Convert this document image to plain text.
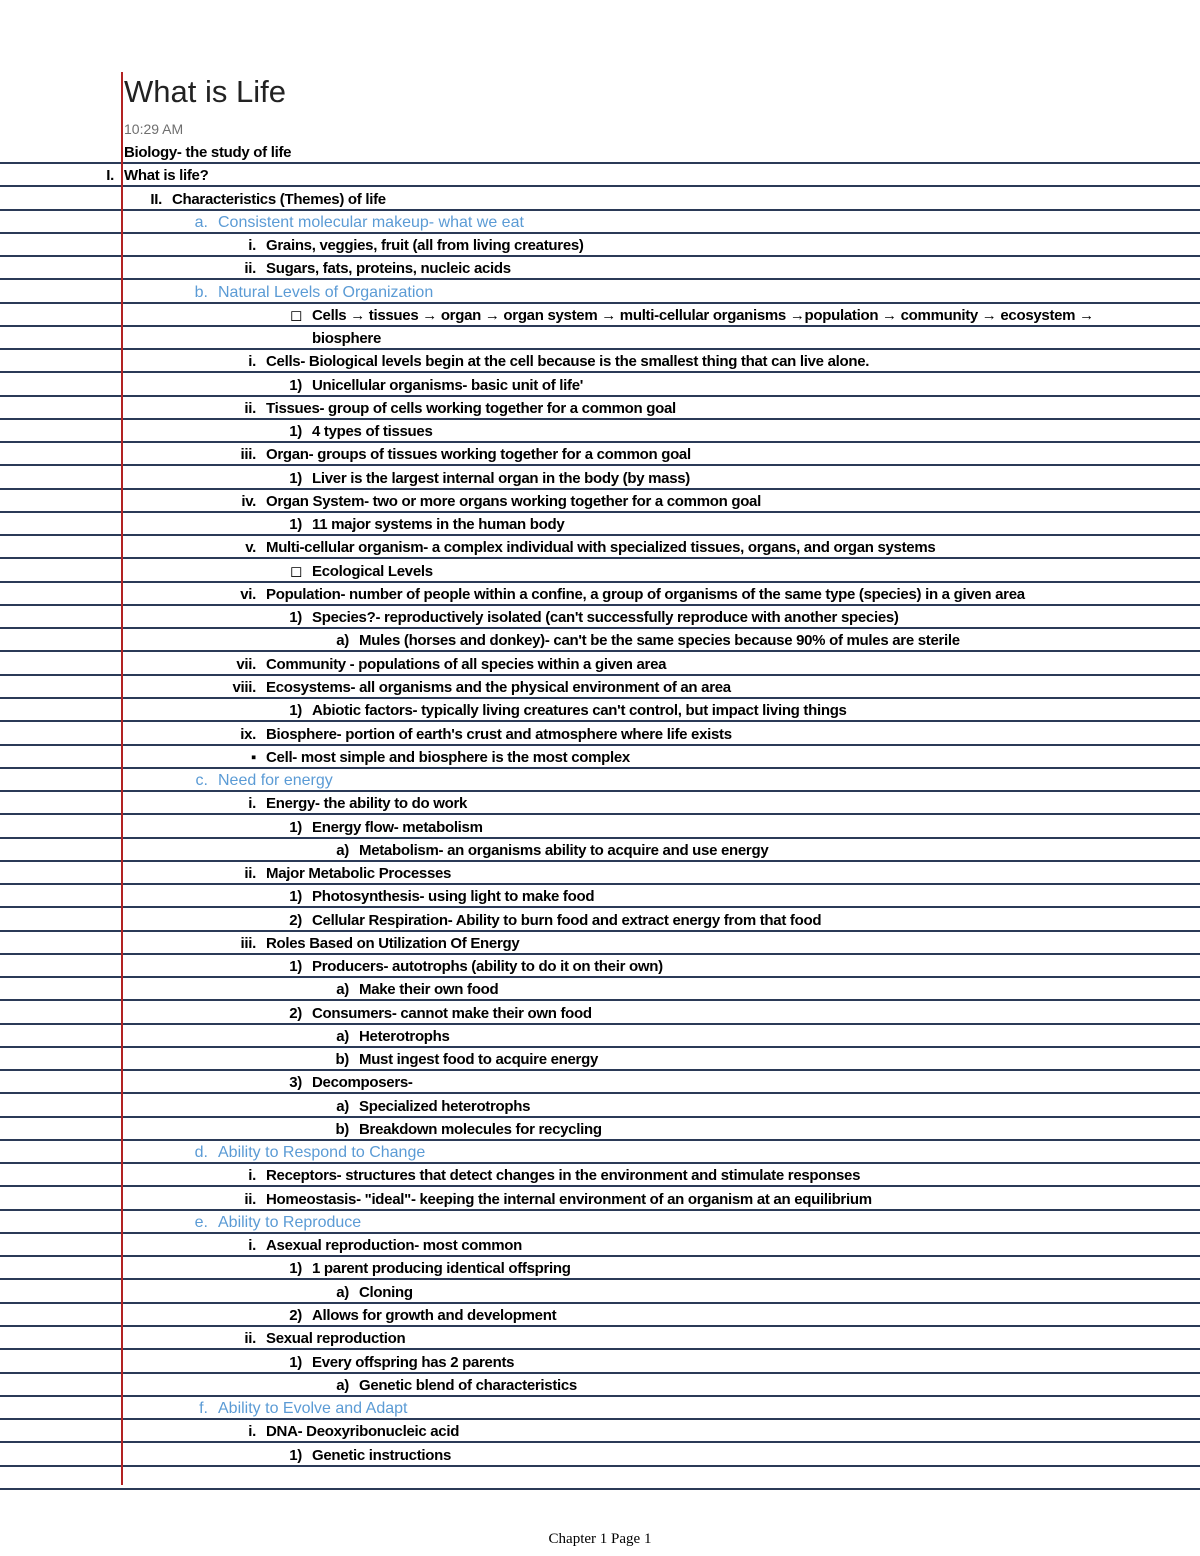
What is Life
10:29 AM
Biology- the study of life
I. What is life?
II. Characteristics (Themes) of life
a. Consistent molecular makeup- what we eat
i. Grains, veggies, fruit (all from living creatures)
ii. Sugars, fats, proteins, nucleic acids
b. Natural Levels of Organization
◻ Cells → tissues → organ → organ system → multi-cellular organisms →population → community → ecosystem →
biosphere
i. Cells- Biological levels begin at the cell because is the smallest thing that can live alone.
1) Unicellular organisms- basic unit of life'
ii. Tissues- group of cells working together for a common goal
1) 4 types of tissues
iii. Organ- groups of tissues working together for a common goal
1) Liver is the largest internal organ in the body (by mass)
iv. Organ System- two or more organs working together for a common goal
1) 11 major systems in the human body
v. Multi-cellular organism- a complex individual with specialized tissues, organs, and organ systems
◻ Ecological Levels
vi. Population- number of people within a confine, a group of organisms of the same type (species) in a given area
1) Species?- reproductively isolated (can't successfully reproduce with another species)
a) Mules (horses and donkey)- can't be the same species because 90% of mules are sterile
vii. Community - populations of all species within a given area
viii. Ecosystems- all organisms and the physical environment of an area
1) Abiotic factors- typically living creatures can't control, but impact living things
ix. Biosphere- portion of earth's crust and atmosphere where life exists
▪ Cell- most simple and biosphere is the most complex
c. Need for energy
i. Energy- the ability to do work
1) Energy flow- metabolism
a) Metabolism- an organisms ability to acquire and use energy
ii. Major Metabolic Processes
1) Photosynthesis- using light to make food
2) Cellular Respiration- Ability to burn food and extract energy from that food
iii. Roles Based on Utilization Of Energy
1) Producers- autotrophs (ability to do it on their own)
a) Make their own food
2) Consumers- cannot make their own food
a) Heterotrophs
b) Must ingest food to acquire energy
3) Decomposers-
a) Specialized heterotrophs
b) Breakdown molecules for recycling
d. Ability to Respond to Change
i. Receptors- structures that detect changes in the environment and stimulate responses
ii. Homeostasis- "ideal"- keeping the internal environment of an organism at an equilibrium
e. Ability to Reproduce
i. Asexual reproduction- most common
1) 1 parent producing identical offspring
a) Cloning
2) Allows for growth and development
ii. Sexual reproduction
1) Every offspring has 2 parents
a) Genetic blend of characteristics
f. Ability to Evolve and Adapt
i. DNA- Deoxyribonucleic acid
1) Genetic instructions
Chapter 1 Page 1
